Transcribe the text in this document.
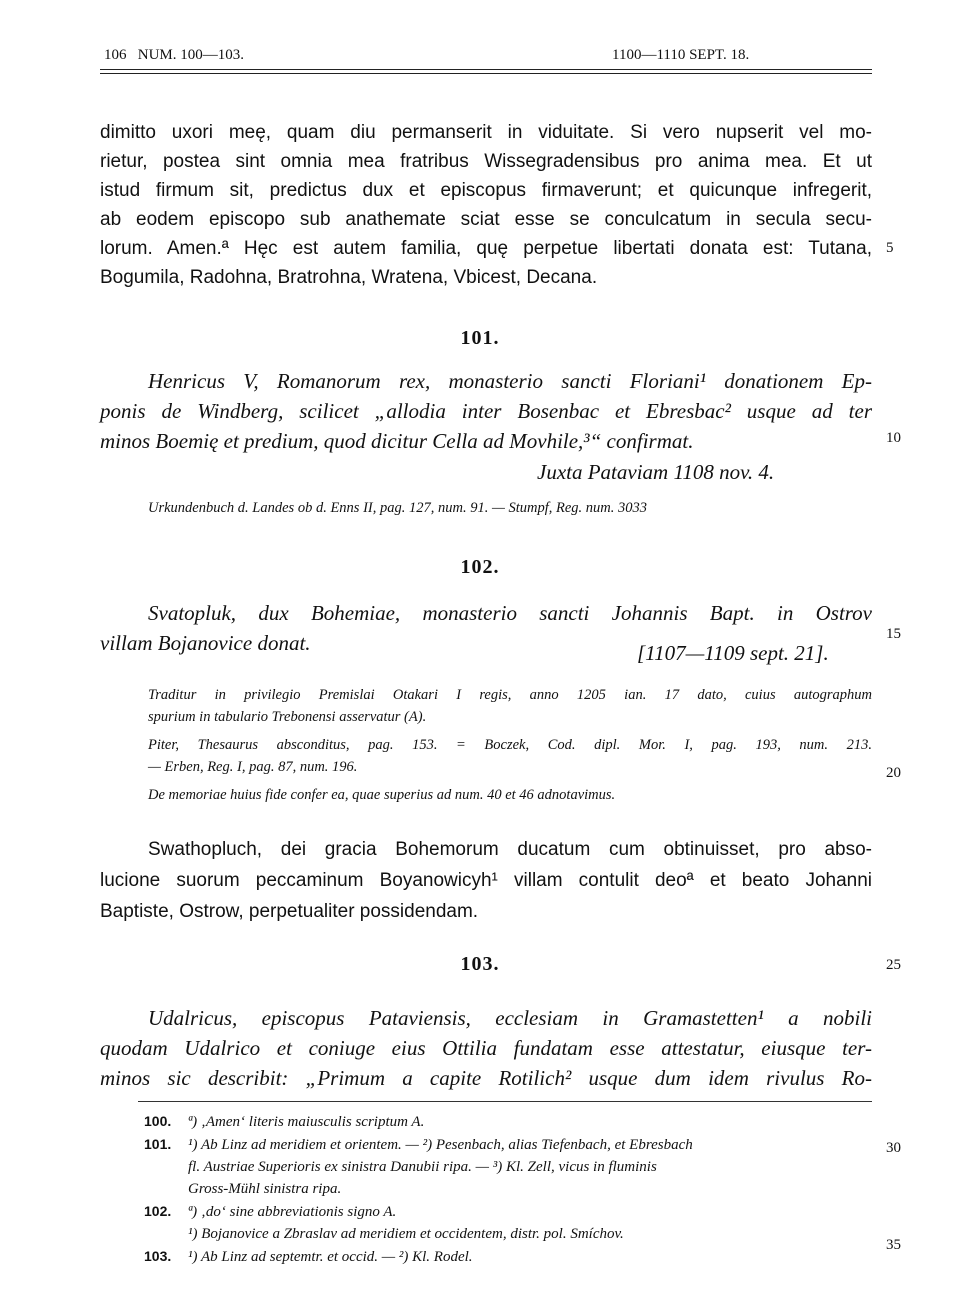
106   NUM. 100—103.	1100—1110 SEPT. 18.
dimitto uxori meę, quam diu permanserit in viduitate. Si vero nupserit vel mo-
rietur, postea sint omnia mea fratribus Wissegradensibus pro anima mea. Et ut
istud firmum sit, predictus dux et episcopus firmaverunt; et quicunque infregerit,
ab eodem episcopo sub anathemate sciat esse se conculcatum in secula secu-
lorum. Amen.ª Hęc est autem familia, quę perpetue libertati donata est: Tutana,
Bogumila, Radohna, Bratrohna, Wratena, Vbicest, Decana.
5
101.
Henricus V, Romanorum rex, monasterio sancti Floriani¹ donationem Ep-
ponis de Windberg, scilicet „allodia inter Bosenbac et Ebresbac² usque ad ter
minos Boemię et predium, quod dicitur Cella ad Movhile,³“ confirmat.	10
Juxta Pataviam 1108 nov. 4.
Urkundenbuch d. Landes ob d. Enns II, pag. 127, num. 91. — Stumpf, Reg. num. 3033
102.
Svatopluk, dux Bohemiae, monasterio sancti Johannis Bapt. in Ostrov
villam Bojanovice donat.	[1107—1109 sept. 21].
15
Traditur in privilegio Premislai Otakari I regis, anno 1205 ian. 17 dato, cuius autographum
spurium in tabulario Trebonensi asservatur (A).
Piter, Thesaurus absconditus, pag. 153. = Boczek, Cod. dipl. Mor. I, pag. 193, num. 213.
— Erben, Reg. I, pag. 87, num. 196.
De memoriae huius fide confer ea, quae superius ad num. 40 et 46 adnotavimus.
20
Swathopluch, dei gracia Bohemorum ducatum cum obtinuisset, pro abso-
lucione suorum peccaminum Boyanowicyh¹ villam contulit deoª et beato Johanni
Baptiste, Ostrow, perpetualiter possidendam.
103.	25
Udalricus, episcopus Pataviensis, ecclesiam in Gramastetten¹ a nobili
quodam Udalrico et coniuge eius Ottilia fundatam esse attestatur, eiusque ter-
minos sic describit: „Primum a capite Rotilich² usque dum idem rivulus Ro-
100. ª) ‚Amen‘ literis maiusculis scriptum A.
101. ¹) Ab Linz ad meridiem et orientem. — ²) Pesenbach, alias Tiefenbach, et Ebresbach
fl. Austriae Superioris ex sinistra Danubii ripa. — ³) Kl. Zell, vicus in fluminis
Gross-Mühl sinistra ripa.
102. ª) ‚do‘ sine abbreviationis signo A.
¹) Bojanovice a Zbraslav ad meridiem et occidentem, distr. pol. Smíchov.
103. ¹) Ab Linz ad septemtr. et occid. — ²) Kl. Rodel.
30
35
